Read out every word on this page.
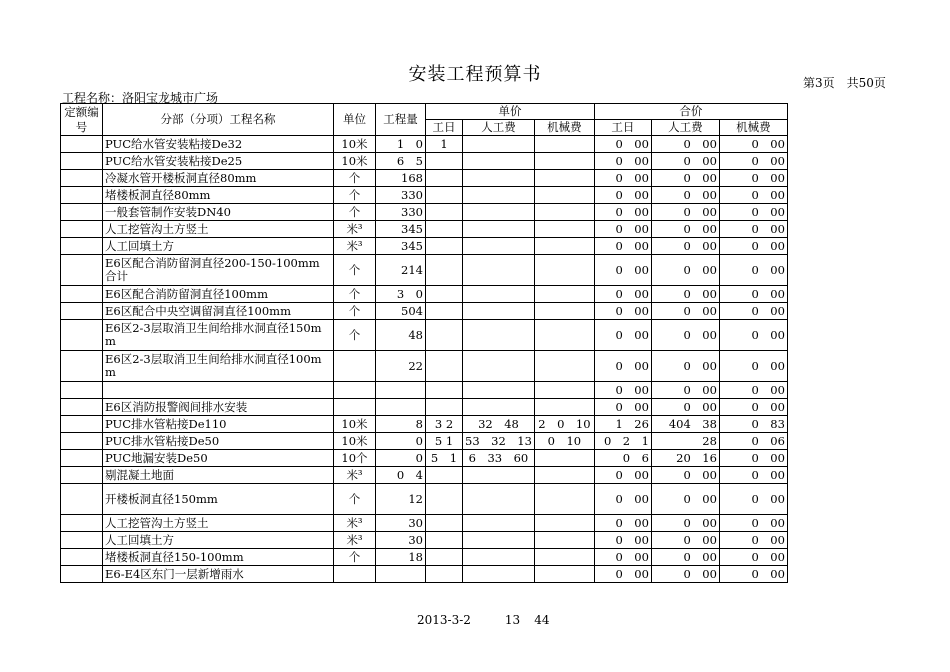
安装工程预算书	第3页　共50页
工程名称：洛阳宝龙城市广场
定额编号	分部（分项）工程名称	单位	工程量	单价			合价		
				工日	人工费	机械费	工日	人工费	机械费
	PUC给水管安装粘接De32	10米	1　0	1			0　00	0　00	0　00
	PUC给水管安装粘接De25	10米	6　5				0　00	0　00	0　00
	冷凝水管开楼板洞直径80mm	个	168				0　00	0　00	0　00
	堵楼板洞直径80mm	个	330				0　00	0　00	0　00
	一般套管制作安装DN40	个	330				0　00	0　00	0　00
	人工挖管沟土方竖土	米³	345				0　00	0　00	0　00
	人工回填土方	米³	345				0　00	0　00	0　00
	E6区配合消防留洞直径200-150-100mm合计	个	214				0　00	0　00	0　00
	E6区配合消防留洞直径100mm	个	3　0				0　00	0　00	0　00
	E6区配合中央空调留洞直径100mm	个	504				0　00	0　00	0　00
	E6区2-3层取消卫生间给排水洞直径150mm	个	48				0　00	0　00	0　00
	E6区2-3层取消卫生间给排水洞直径100mm		22				0　00	0　00	0　00
							0　00	0　00	0　00
	E6区消防报警阀间排水安装						0　00	0　00	0　00
	PUC排水管粘接De110	10米	8	3 2	32　48	2　0　10	1　26	404　38	0　83
	PUC排水管粘接De50	10米	0	5 1	53　32　13	0　10	0　2　1	28	0　06
	PUC地漏安装De50	10个	0	5　1	6　33　60		0　6	20　16	0　00
	剔混凝土地面	米³	0　4				0　00	0　00	0　00
	开楼板洞直径150mm	个	12				0　00	0　00	0　00
	人工挖管沟土方竖土	米³	30				0　00	0　00	0　00
	人工回填土方	米³	30				0　00	0　00	0　00
	堵楼板洞直径150-100mm	个	18				0　00	0　00	0　00
	E6-E4区东门一层新增雨水						0　00	0　00	0　00
2013-3-2	13 44
